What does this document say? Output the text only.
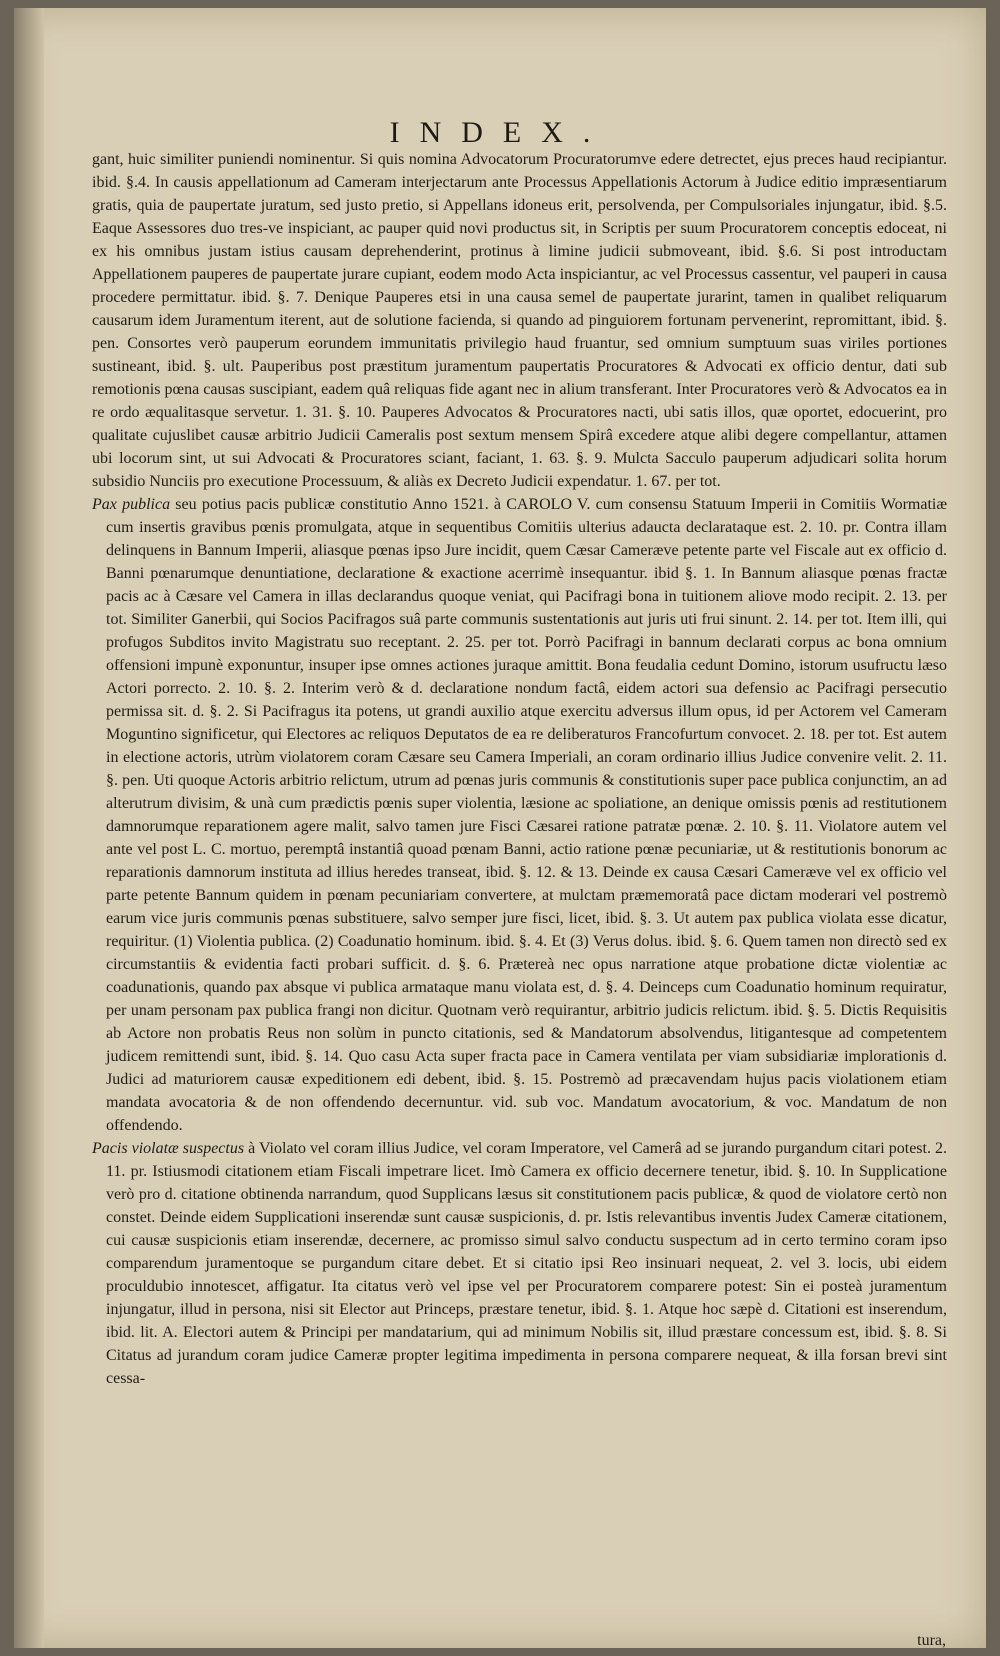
INDEX.

gant, huic similiter puniendi nominentur. Si quis nomina Advocatorum Procuratorumve edere detrectet, ejus preces haud recipiantur. ibid. §.4. In causis appellationum ad Cameram interjectarum ante Processus Appellationis Actorum à Judice editio impræsentiarum gratis, quia de paupertate juratum, sed justo pretio, si Appellans idoneus erit, persolvenda, per Compulsoriales injungatur, ibid. §.5. Eaque Assessores duo tres-ve inspiciant, ac pauper quid novi productus sit, in Scriptis per suum Procuratorem conceptis edoceat, ni ex his omnibus justam istius causam deprehenderint, protinus à limine judicii submoveant, ibid. §.6. Si post introductam Appellationem pauperes de paupertate jurare cupiant, eodem modo Acta inspiciantur, ac vel Processus cassentur, vel pauperi in causa procedere permittatur. ibid. §. 7. Denique Pauperes etsi in una causa semel de paupertate jurarint, tamen in qualibet reliquarum causarum idem Juramentum iterent, aut de solutione facienda, si quando ad pinguiorem fortunam pervenerint, repromittant, ibid. §. pen. Consortes verò pauperum eorundem immunitatis privilegio haud fruantur, sed omnium sumptuum suas viriles portiones sustineant, ibid. §. ult. Pauperibus post præstitum juramentum paupertatis Procuratores & Advocati ex officio dentur, dati sub remotionis pœna causas suscipiant, eadem quâ reliquas fide agant nec in alium transferant. Inter Procuratores verò & Advocatos ea in re ordo æqualitasque servetur. 1. 31. §. 10. Pauperes Advocatos & Procuratores nacti, ubi satis illos, quæ oportet, edocuerint, pro qualitate cujuslibet causæ arbitrio Judicii Cameralis post sextum mensem Spirâ excedere atque alibi degere compellantur, attamen ubi locorum sint, ut sui Advocati & Procuratores sciant, faciant, 1. 63. §. 9. Mulcta Sacculo pauperum adjudicari solita horum subsidio Nunciis pro executione Processuum, & aliàs ex Decreto Judicii expendatur. 1. 67. per tot.

Pax publica seu potius pacis publicæ constitutio Anno 1521. à CAROLO V. cum consensu Statuum Imperii in Comitiis Wormatiæ cum insertis gravibus pœnis promulgata, atque in sequentibus Comitiis ulterius adaucta declarataque est. 2. 10. pr. Contra illam delinquens in Bannum Imperii, aliasque pœnas ipso Jure incidit, quem Cæsar Cameræve petente parte vel Fiscale aut ex officio d. Banni pœnarumque denuntiatione, declaratione & exactione acerrimè insequantur. ibid §. 1. In Bannum aliasque pœnas fractæ pacis ac à Cæsare vel Camera in illas declarandus quoque veniat, qui Pacifragi bona in tuitionem aliove modo recipit. 2. 13. per tot. Similiter Ganerbii, qui Socios Pacifragos suâ parte communis sustentationis aut juris uti frui sinunt. 2. 14. per tot. Item illi, qui profugos Subditos invito Magistratu suo receptant. 2. 25. per tot. Porrò Pacifragi in bannum declarati corpus ac bona omnium offensioni impunè exponuntur, insuper ipse omnes actiones juraque amittit. Bona feudalia cedunt Domino, istorum usufructu læso Actori porrecto. 2. 10. §. 2. Interim verò & d. declaratione nondum factâ, eidem actori sua defensio ac Pacifragi persecutio permissa sit. d. §. 2. Si Pacifragus ita potens, ut grandi auxilio atque exercitu adversus illum opus, id per Actorem vel Cameram Moguntino significetur, qui Electores ac reliquos Deputatos de ea re deliberaturos Francofurtum convocet. 2. 18. per tot. Est autem in electione actoris, utrùm violatorem coram Cæsare seu Camera Imperiali, an coram ordinario illius Judice convenire velit. 2. 11. §. pen. Uti quoque Actoris arbitrio relictum, utrum ad pœnas juris communis & constitutionis super pace publica conjunctim, an ad alterutrum divisim, & unà cum prædictis pœnis super violentia, læsione ac spoliatione, an denique omissis pœnis ad restitutionem damnorumque reparationem agere malit, salvo tamen jure Fisci Cæsarei ratione patratæ pœnæ. 2. 10. §. 11. Violatore autem vel ante vel post L. C. mortuo, peremptâ instantiâ quoad pœnam Banni, actio ratione pœnæ pecuniariæ, ut & restitutionis bonorum ac reparationis damnorum instituta ad illius heredes transeat, ibid. §. 12. & 13. Deinde ex causa Cæsari Cameræve vel ex officio vel parte petente Bannum quidem in pœnam pecuniariam convertere, at mulctam præmemoratâ pace dictam moderari vel postremò earum vice juris communis pœnas substituere, salvo semper jure fisci, licet, ibid. §. 3. Ut autem pax publica violata esse dicatur, requiritur. (1) Violentia publica. (2) Coadunatio hominum. ibid. §. 4. Et (3) Verus dolus. ibid. §. 6. Quem tamen non directò sed ex circumstantiis & evidentia facti probari sufficit. d. §. 6. Prætereà nec opus narratione atque probatione dictæ violentiæ ac coadunationis, quando pax absque vi publica armataque manu violata est, d. §. 4. Deinceps cum Coadunatio hominum requiratur, per unam personam pax publica frangi non dicitur. Quotnam verò requirantur, arbitrio judicis relictum. ibid. §. 5. Dictis Requisitis ab Actore non probatis Reus non solùm in puncto citationis, sed & Mandatorum absolvendus, litigantesque ad competentem judicem remittendi sunt, ibid. §. 14. Quo casu Acta super fracta pace in Camera ventilata per viam subsidiariæ implorationis d. Judici ad maturiorem causæ expeditionem edi debent, ibid. §. 15. Postremò ad præcavendam hujus pacis violationem etiam mandata avocatoria & de non offendendo decernuntur. vid. sub voc. Mandatum avocatorium, & voc. Mandatum de non offendendo.

Pacis violatæ suspectus à Violato vel coram illius Judice, vel coram Imperatore, vel Camerâ ad se jurando purgandum citari potest. 2. 11. pr. Istiusmodi citationem etiam Fiscali impetrare licet. Imò Camera ex officio decernere tenetur, ibid. §. 10. In Supplicatione verò pro d. citatione obtinenda narrandum, quod Supplicans læsus sit constitutionem pacis publicæ, & quod de violatore certò non constet. Deinde eidem Supplicationi inserendæ sunt causæ suspicionis, d. pr. Istis relevantibus inventis Judex Cameræ citationem, cui causæ suspicionis etiam inserendæ, decernere, ac promisso simul salvo conductu suspectum ad in certo termino coram ipso comparendum juramentoque se purgandum citare debet. Et si citatio ipsi Reo insinuari nequeat, 2. vel 3. locis, ubi eidem proculdubio innotescet, affigatur. Ita citatus verò vel ipse vel per Procuratorem comparere potest: Sin ei posteà juramentum injungatur, illud in persona, nisi sit Elector aut Princeps, præstare tenetur, ibid. §. 1. Atque hoc sæpè d. Citationi est inserendum, ibid. lit. A. Electori autem & Principi per mandatarium, qui ad minimum Nobilis sit, illud præstare concessum est, ibid. §. 8. Si Citatus ad jurandum coram judice Cameræ propter legitima impedimenta in persona comparere nequeat, & illa forsan brevi sint cessa-

tura,
